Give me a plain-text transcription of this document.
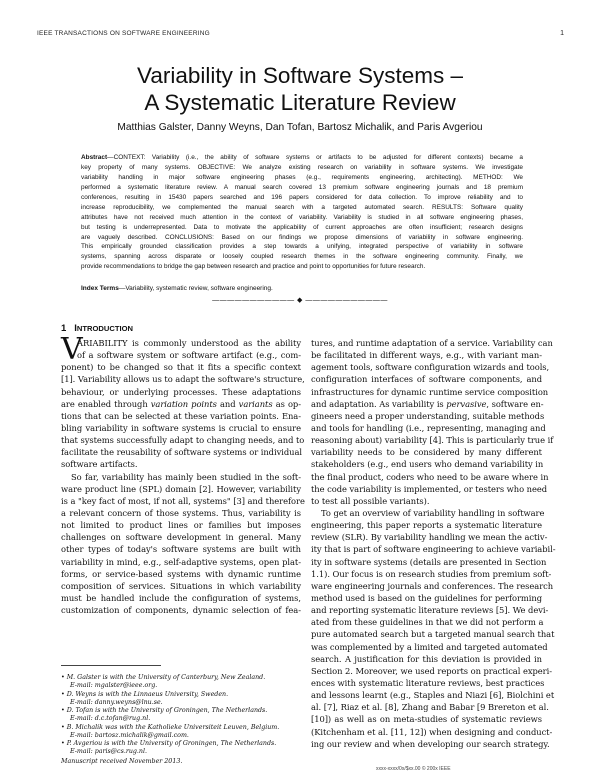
IEEE TRANSACTIONS ON SOFTWARE ENGINEERING	1
Variability in Software Systems –
A Systematic Literature Review
Matthias Galster, Danny Weyns, Dan Tofan, Bartosz Michalik, and Paris Avgeriou
Abstract—CONTEXT: Variability (i.e., the ability of software systems or artifacts to be adjusted for different contexts) became a
key property of many systems. OBJECTIVE: We analyze existing research on variability in software systems. We investigate
variability handling in major software engineering phases (e.g., requirements engineering, architecting). METHOD: We
performed a systematic literature review. A manual search covered 13 premium software engineering journals and 18 premium
conferences, resulting in 15430 papers searched and 196 papers considered for data collection. To improve reliability and to
increase reproducibility, we complemented the manual search with a targeted automated search. RESULTS: Software quality
attributes have not received much attention in the context of variability. Variability is studied in all software engineering phases,
but testing is underrepresented. Data to motivate the applicability of current approaches are often insufficient; research designs
are vaguely described. CONCLUSIONS: Based on our findings we propose dimensions of variability in software engineering.
This empirically grounded classification provides a step towards a unifying, integrated perspective of variability in software
systems, spanning across disparate or loosely coupled research themes in the software engineering community. Finally, we
provide recommendations to bridge the gap between research and practice and point to opportunities for future research.
Index Terms—Variability, systematic review, software engineering.
——————————— ◆ ———————————
1 INTRODUCTION
V
ARIABILITY is commonly understood as the ability
of a software system or software artifact (e.g., com-
ponent) to be changed so that it fits a specific context
[1]. Variability allows us to adapt the software's structure,
behaviour, or underlying processes. These adaptations
are enabled through variation points and variants as op-
tions that can be selected at these variation points. Ena-
bling variability in software systems is crucial to ensure
that systems successfully adapt to changing needs, and to
facilitate the reusability of software systems or individual
software artifacts.
So far, variability has mainly been studied in the soft-
ware product line (SPL) domain [2]. However, variability
is a "key fact of most, if not all, systems" [3] and therefore
a relevant concern of those systems. Thus, variability is
not limited to product lines or families but imposes
challenges on software development in general. Many
other types of today's software systems are built with
variability in mind, e.g., self-adaptive systems, open plat-
forms, or service-based systems with dynamic runtime
composition of services. Situations in which variability
must be handled include the configuration of systems,
customization of components, dynamic selection of fea-
tures, and runtime adaptation of a service. Variability can
be facilitated in different ways, e.g., with variant man-
agement tools, software configuration wizards and tools,
configuration interfaces of software components, and
infrastructures for dynamic runtime service composition
and adaptation. As variability is pervasive, software en-
gineers need a proper understanding, suitable methods
and tools for handling (i.e., representing, managing and
reasoning about) variability [4]. This is particularly true if
variability needs to be considered by many different
stakeholders (e.g., end users who demand variability in
the final product, coders who need to be aware where in
the code variability is implemented, or testers who need
to test all possible variants).
To get an overview of variability handling in software
engineering, this paper reports a systematic literature
review (SLR). By variability handling we mean the activ-
ity that is part of software engineering to achieve variabil-
ity in software systems (details are presented in Section
1.1). Our focus is on research studies from premium soft-
ware engineering journals and conferences. The research
method used is based on the guidelines for performing
and reporting systematic literature reviews [5]. We devi-
ated from these guidelines in that we did not perform a
pure automated search but a targeted manual search that
was complemented by a limited and targeted automated
search. A justification for this deviation is provided in
Section 2. Moreover, we used reports on practical experi-
ences with systematic literature reviews, best practices
and lessons learnt (e.g., Staples and Niazi [6], Biolchini et
al. [7], Riaz et al. [8], Zhang and Babar [9 Brereton et al.
[10]) as well as on meta-studies of systematic reviews
(Kitchenham et al. [11, 12]) when designing and conduct-
ing our review and when developing our search strategy.
• M. Galster is with the University of Canterbury, New Zealand.
E-mail: mgalster@ieee.org.
• D. Weyns is with the Linnaeus University, Sweden.
E-mail: danny.weyns@lnu.se.
• D. Tofan is with the University of Groningen, The Netherlands.
E-mail: d.c.tofan@rug.nl.
• B. Michalik was with the Katholieke Universiteit Leuven, Belgium.
E-mail: bartosz.michalik@gmail.com.
• P. Avgeriou is with the University of Groningen, The Netherlands.
E-mail: paris@cs.rug.nl.
Manuscript received November 2013.
xxxx-xxxx/0x/$xx.00 © 200x IEEE
